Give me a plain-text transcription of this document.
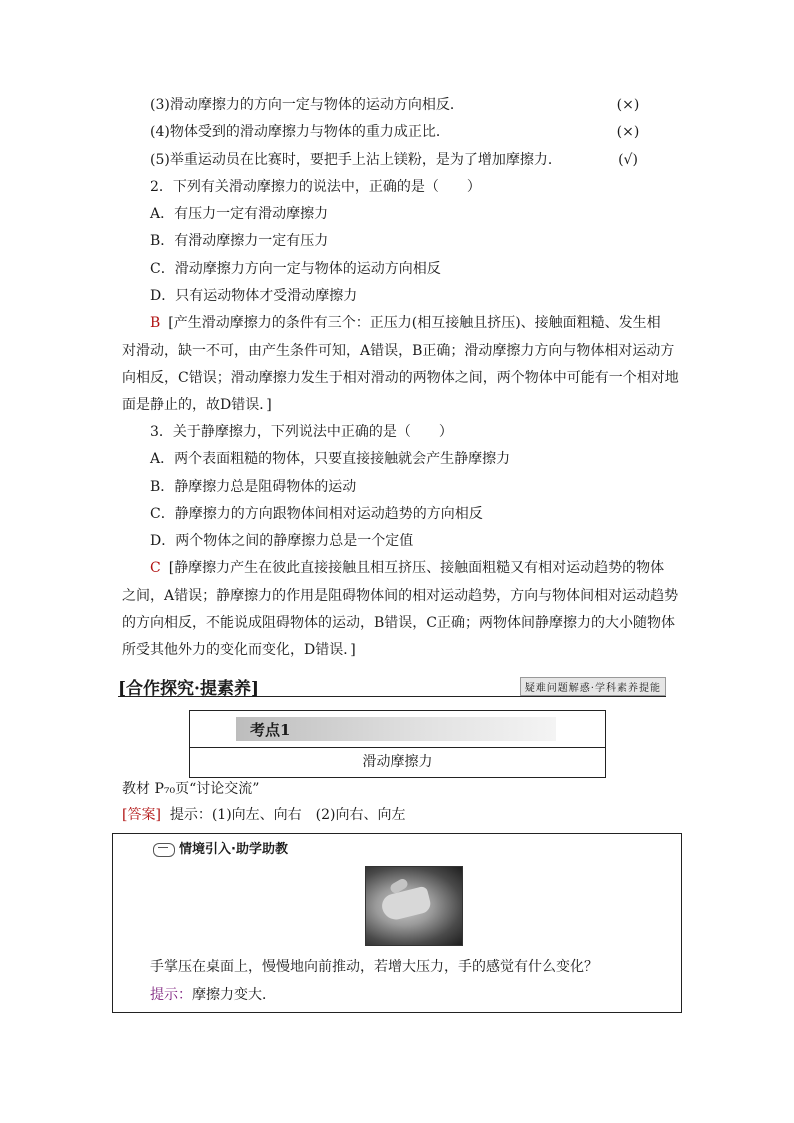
(3)滑动摩擦力的方向一定与物体的运动方向相反．	(×)
(4)物体受到的滑动摩擦力与物体的重力成正比．	(×)
(5)举重运动员在比赛时，要把手上沾上镁粉，是为了增加摩擦力．	(√)
2．下列有关滑动摩擦力的说法中，正确的是（　　）
A．有压力一定有滑动摩擦力
B．有滑动摩擦力一定有压力
C．滑动摩擦力方向一定与物体的运动方向相反
D．只有运动物体才受滑动摩擦力
B [产生滑动摩擦力的条件有三个：正压力(相互接触且挤压)、接触面粗糙、发生相
对滑动，缺一不可，由产生条件可知，A错误，B正确；滑动摩擦力方向与物体相对运动方
向相反，C错误；滑动摩擦力发生于相对滑动的两物体之间，两个物体中可能有一个相对地
面是静止的，故D错误．]
3．关于静摩擦力，下列说法中正确的是（　　）
A．两个表面粗糙的物体，只要直接接触就会产生静摩擦力
B．静摩擦力总是阻碍物体的运动
C．静摩擦力的方向跟物体间相对运动趋势的方向相反
D．两个物体之间的静摩擦力总是一个定值
C [静摩擦力产生在彼此直接接触且相互挤压、接触面粗糙又有相对运动趋势的物体
之间，A错误；静摩擦力的作用是阻碍物体间的相对运动趋势，方向与物体间相对运动趋势
的方向相反，不能说成阻碍物体的运动，B错误，C正确；两物体间静摩擦力的大小随物体
所受其他外力的变化而变化，D错误．]
[合作探究·提素养]	疑难问题解惑·学科素养提能
考点1
滑动摩擦力
教材 P₇₀页“讨论交流”
[答案] 提示：(1)向左、向右　(2)向右、向左
情境引入·助学助教
手掌压在桌面上，慢慢地向前推动，若增大压力，手的感觉有什么变化？
提示：摩擦力变大．
